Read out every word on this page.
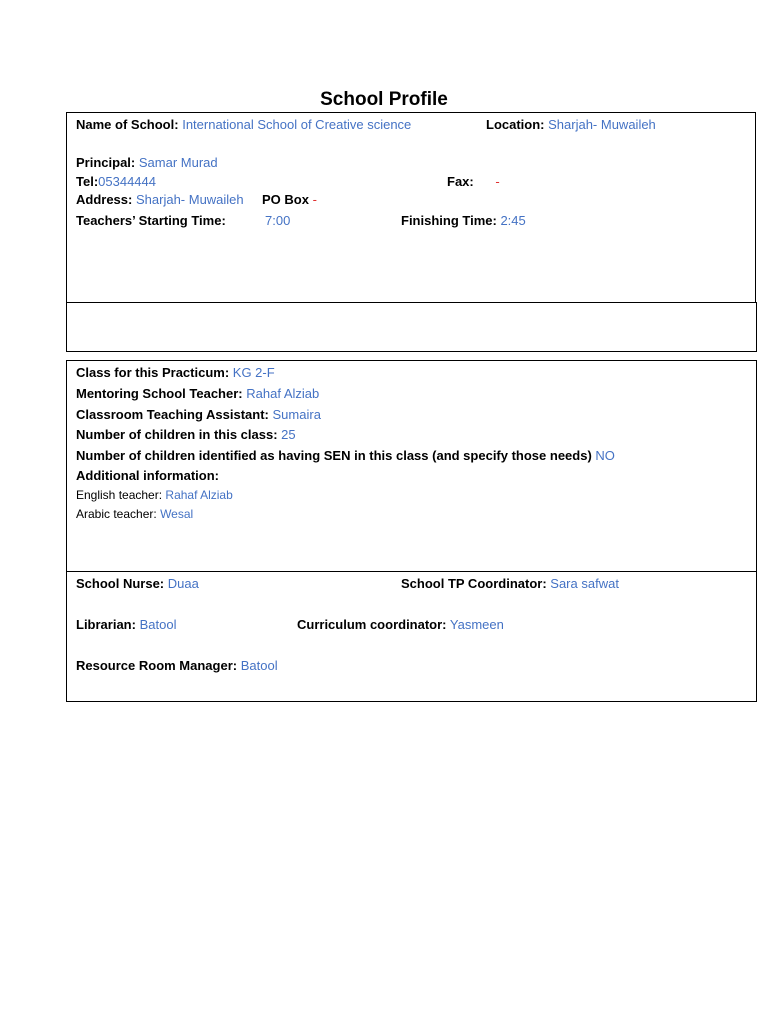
School Profile
Name of School: International School of Creative science	Location: Sharjah- Muwaileh
Principal: Samar Murad
Tel:05344444	Fax: -
Address: Sharjah- Muwaileh PO Box -
Teachers’ Starting Time:	7:00	Finishing Time: 2:45
Class for this Practicum: KG 2-F
Mentoring School Teacher: Rahaf Alziab
Classroom Teaching Assistant: Sumaira
Number of children in this class: 25
Number of children identified as having SEN in this class (and specify those needs) NO
Additional information:
English teacher: Rahaf Alziab
Arabic teacher: Wesal
School Nurse: Duaa	School TP Coordinator: Sara safwat
Librarian: Batool	Curriculum coordinator: Yasmeen
Resource Room Manager: Batool
